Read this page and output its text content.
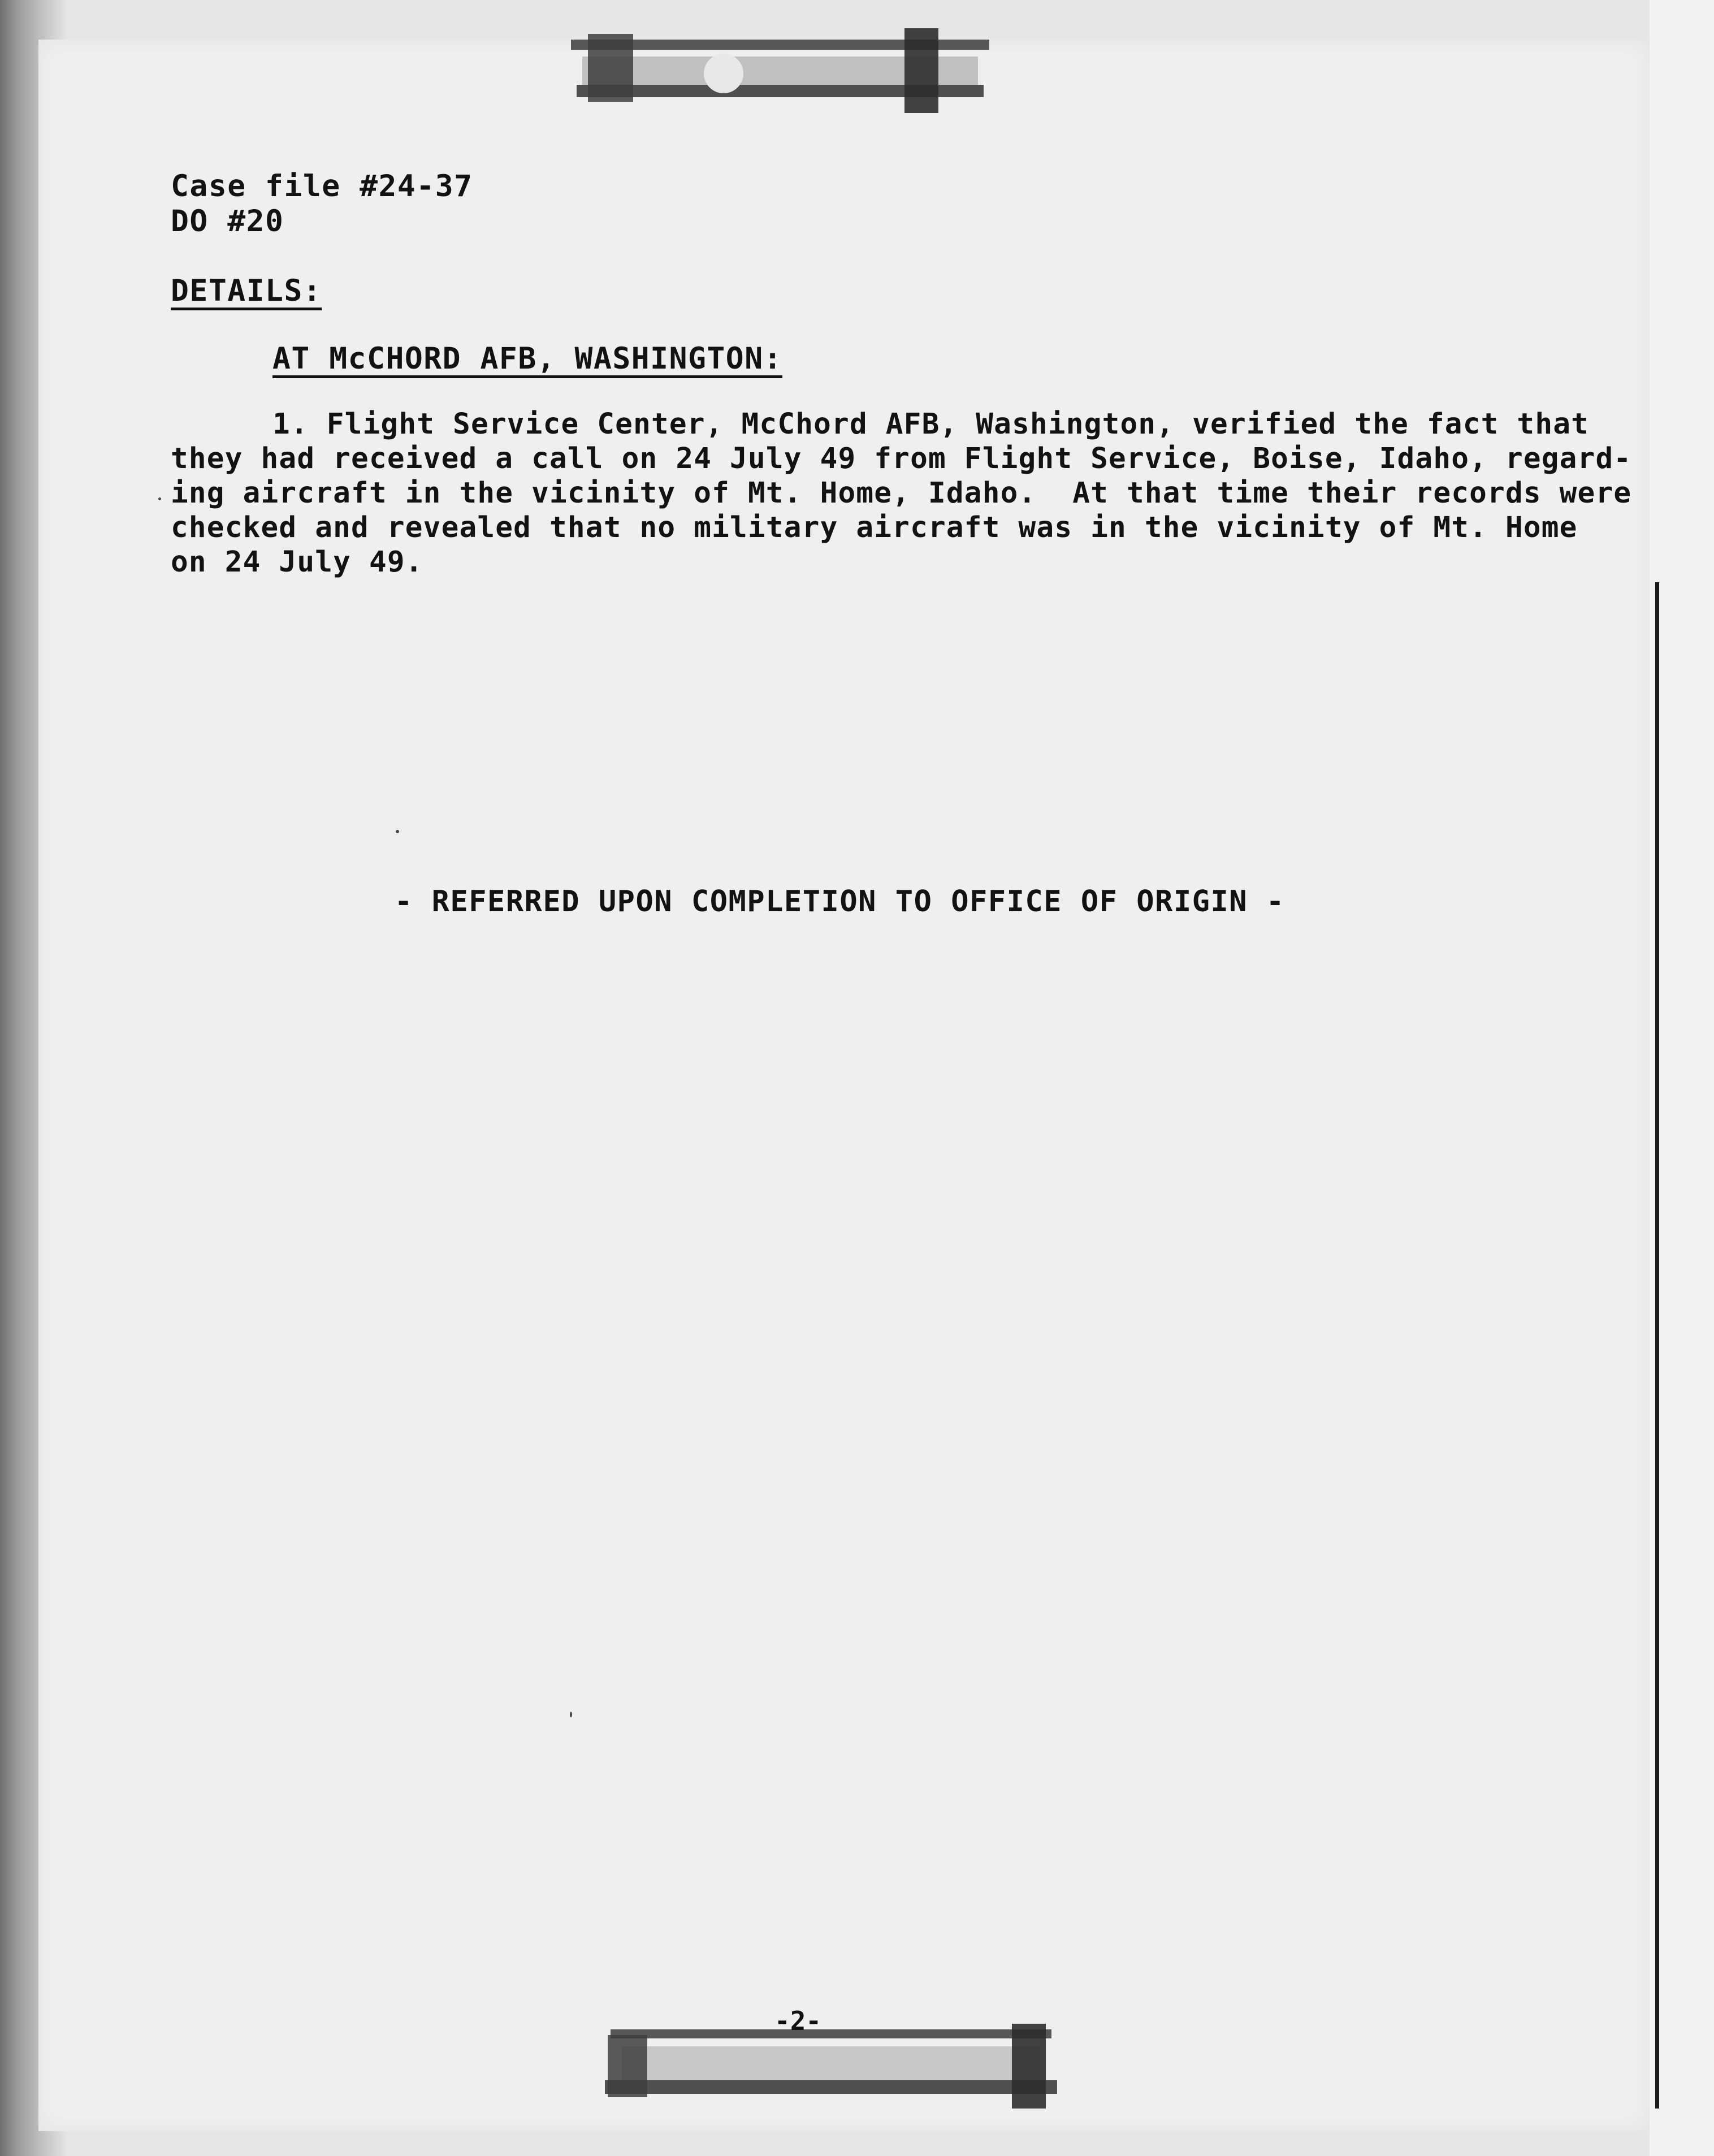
Case file #24-37
DO #20
DETAILS:
AT McCHORD AFB, WASHINGTON:
1. Flight Service Center, McChord AFB, Washington, verified the fact that
they had received a call on 24 July 49 from Flight Service, Boise, Idaho, regard-
ing aircraft in the vicinity of Mt. Home, Idaho.  At that time their records were
checked and revealed that no military aircraft was in the vicinity of Mt. Home
on 24 July 49.
- REFERRED UPON COMPLETION TO OFFICE OF ORIGIN -
-2-
